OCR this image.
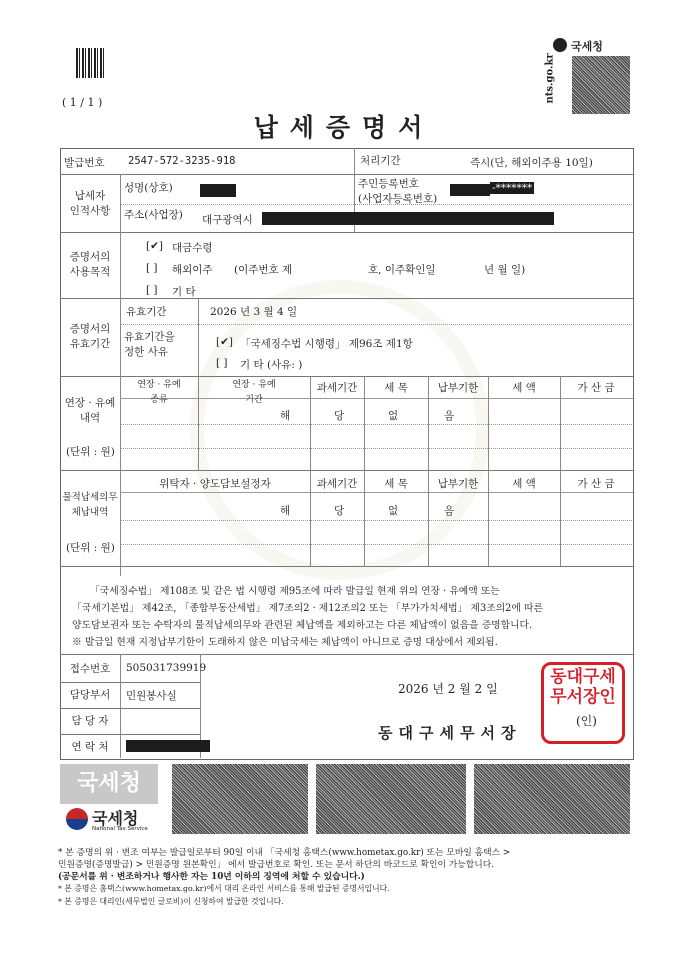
( 1 / 1 )
국세청
nts.go.kr
납세증명서
발급번호 2547-572-3235-918	처리기간	즉시(단, 해외이주용 10일)
납세자
인적사항
성명(상호)	주민등록번호
(사업자등록번호)
-*******
주소(사업장) 대구광역시
증명서의
사용목적
[✔] 대금수령
[ ] 해외이주 (이주번호 제	호, 이주확인일	년 월 일)
[ ] 기 타
증명서의
유효기간
유효기간	2026 년 3 월 4 일
유효기간을
정한 사유
[✔] 「국세징수법 시행령」 제96조 제1항
[ ] 기 타 (사유: )
연장 · 유예
내역
(단위 : 원)
연장 · 유예
종류
연장 · 유예
기간
과세기간	세 목	납부기한	세 액	가 산 금
해	당	없	음
물적납세의무
체납내역
(단위 : 원)
위탁자 · 양도담보설정자	과세기간	세 목	납부기한	세 액	가 산 금
해	당	없	음
「국세징수법」 제108조 및 같은 법 시행령 제95조에 따라 발급일 현재 위의 연장 · 유예액 또는
「국세기본법」 제42조, 「종합부동산세법」 제7조의2 · 제12조의2 또는 「부가가치세법」 제3조의2에 따른
양도담보권자 또는 수탁자의 물적납세의무와 관련된 체납액을 제외하고는 다른 체납액이 없음을 증명합니다.
※ 발급일 현재 지정납부기한이 도래하지 않은 미납국세는 체납액이 아니므로 증명 대상에서 제외됨.
접수번호	505031739919
담당부서	민원봉사실
담 당 자
연 락 처
2026 년 2 월 2 일
동대구세무서장
동대구세
무서장인
(인)
국세청
국세청
National Tax Service
* 본 증명의 위 · 변조 여부는 발급일로부터 90일 이내 「국세청 홈택스(www.hometax.go.kr) 또는 모바일 홈택스 >
민원증명(증명발급) > 민원증명 원본확인」 에서 발급번호로 확인. 또는 문서 하단의 바코드로 확인이 가능합니다.
(공문서를 위 · 변조하거나 행사한 자는 10년 이하의 징역에 처할 수 있습니다.)
* 본 증명은 홈택스(www.hometax.go.kr)에서 대리 온라인 서비스를 통해 발급된 증명서입니다.
* 본 증명은 대리인(세무법인 글로비)이 신청하여 발급한 것입니다.
